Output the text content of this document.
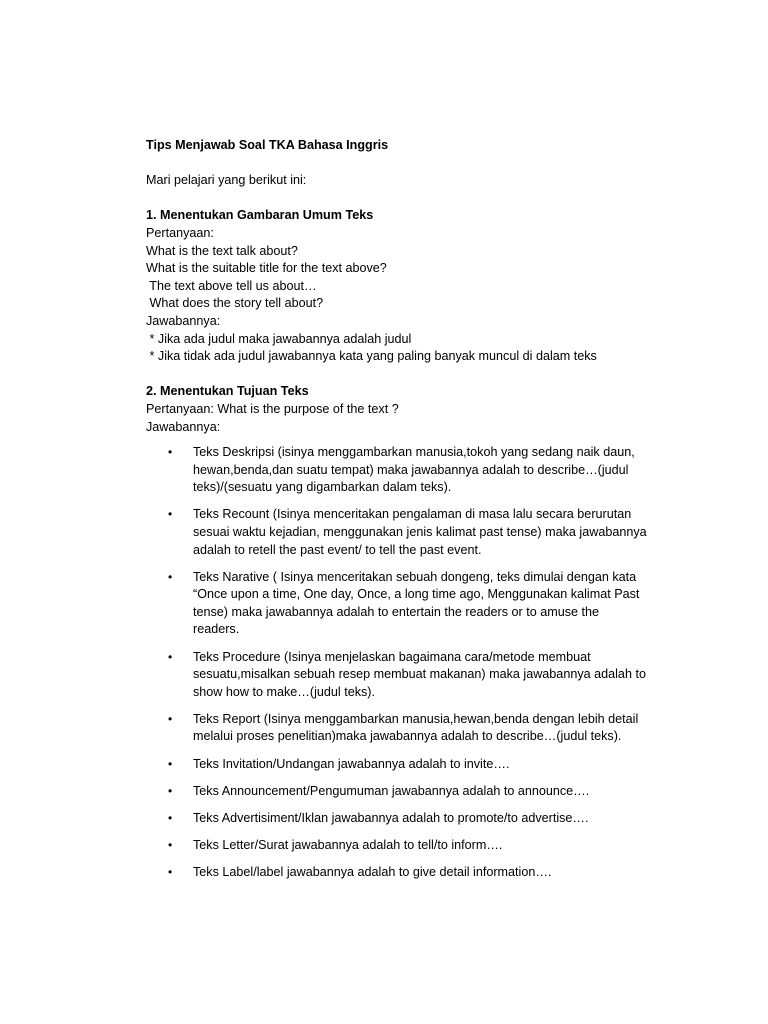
Tips Menjawab Soal TKA Bahasa Inggris

Mari pelajari yang berikut ini:

1. Menentukan Gambaran Umum Teks

Pertanyaan:

What is the text talk about?

What is the suitable title for the text above?

The text above tell us about…

What does the story tell about?

Jawabannya:

* Jika ada judul maka jawabannya adalah judul

* Jika tidak ada judul jawabannya kata yang paling banyak muncul di dalam teks

2. Menentukan Tujuan Teks

Pertanyaan: What is the purpose of the text ?

Jawabannya:

• Teks Deskripsi (isinya menggambarkan manusia,tokoh yang sedang naik daun,
hewan,benda,dan suatu tempat) maka jawabannya adalah to describe…(judul
teks)/(sesuatu yang digambarkan dalam teks).
• Teks Recount (Isinya menceritakan pengalaman di masa lalu secara berurutan
sesuai waktu kejadian, menggunakan jenis kalimat past tense) maka jawabannya
adalah to retell the past event/ to tell the past event.
• Teks Narative ( Isinya menceritakan sebuah dongeng, teks dimulai dengan kata
“Once upon a time, One day, Once, a long time ago, Menggunakan kalimat Past
tense) maka jawabannya adalah to entertain the readers or to amuse the
readers.
• Teks Procedure (Isinya menjelaskan bagaimana cara/metode membuat
sesuatu,misalkan sebuah resep membuat makanan) maka jawabannya adalah to
show how to make…(judul teks).
• Teks Report (Isinya menggambarkan manusia,hewan,benda dengan lebih detail
melalui proses penelitian)maka jawabannya adalah to describe…(judul teks).
• Teks Invitation/Undangan jawabannya adalah to invite….
• Teks Announcement/Pengumuman jawabannya adalah to announce….
• Teks Advertisiment/Iklan jawabannya adalah to promote/to advertise….
• Teks Letter/Surat jawabannya adalah to tell/to inform….
• Teks Label/label jawabannya adalah to give detail information….
